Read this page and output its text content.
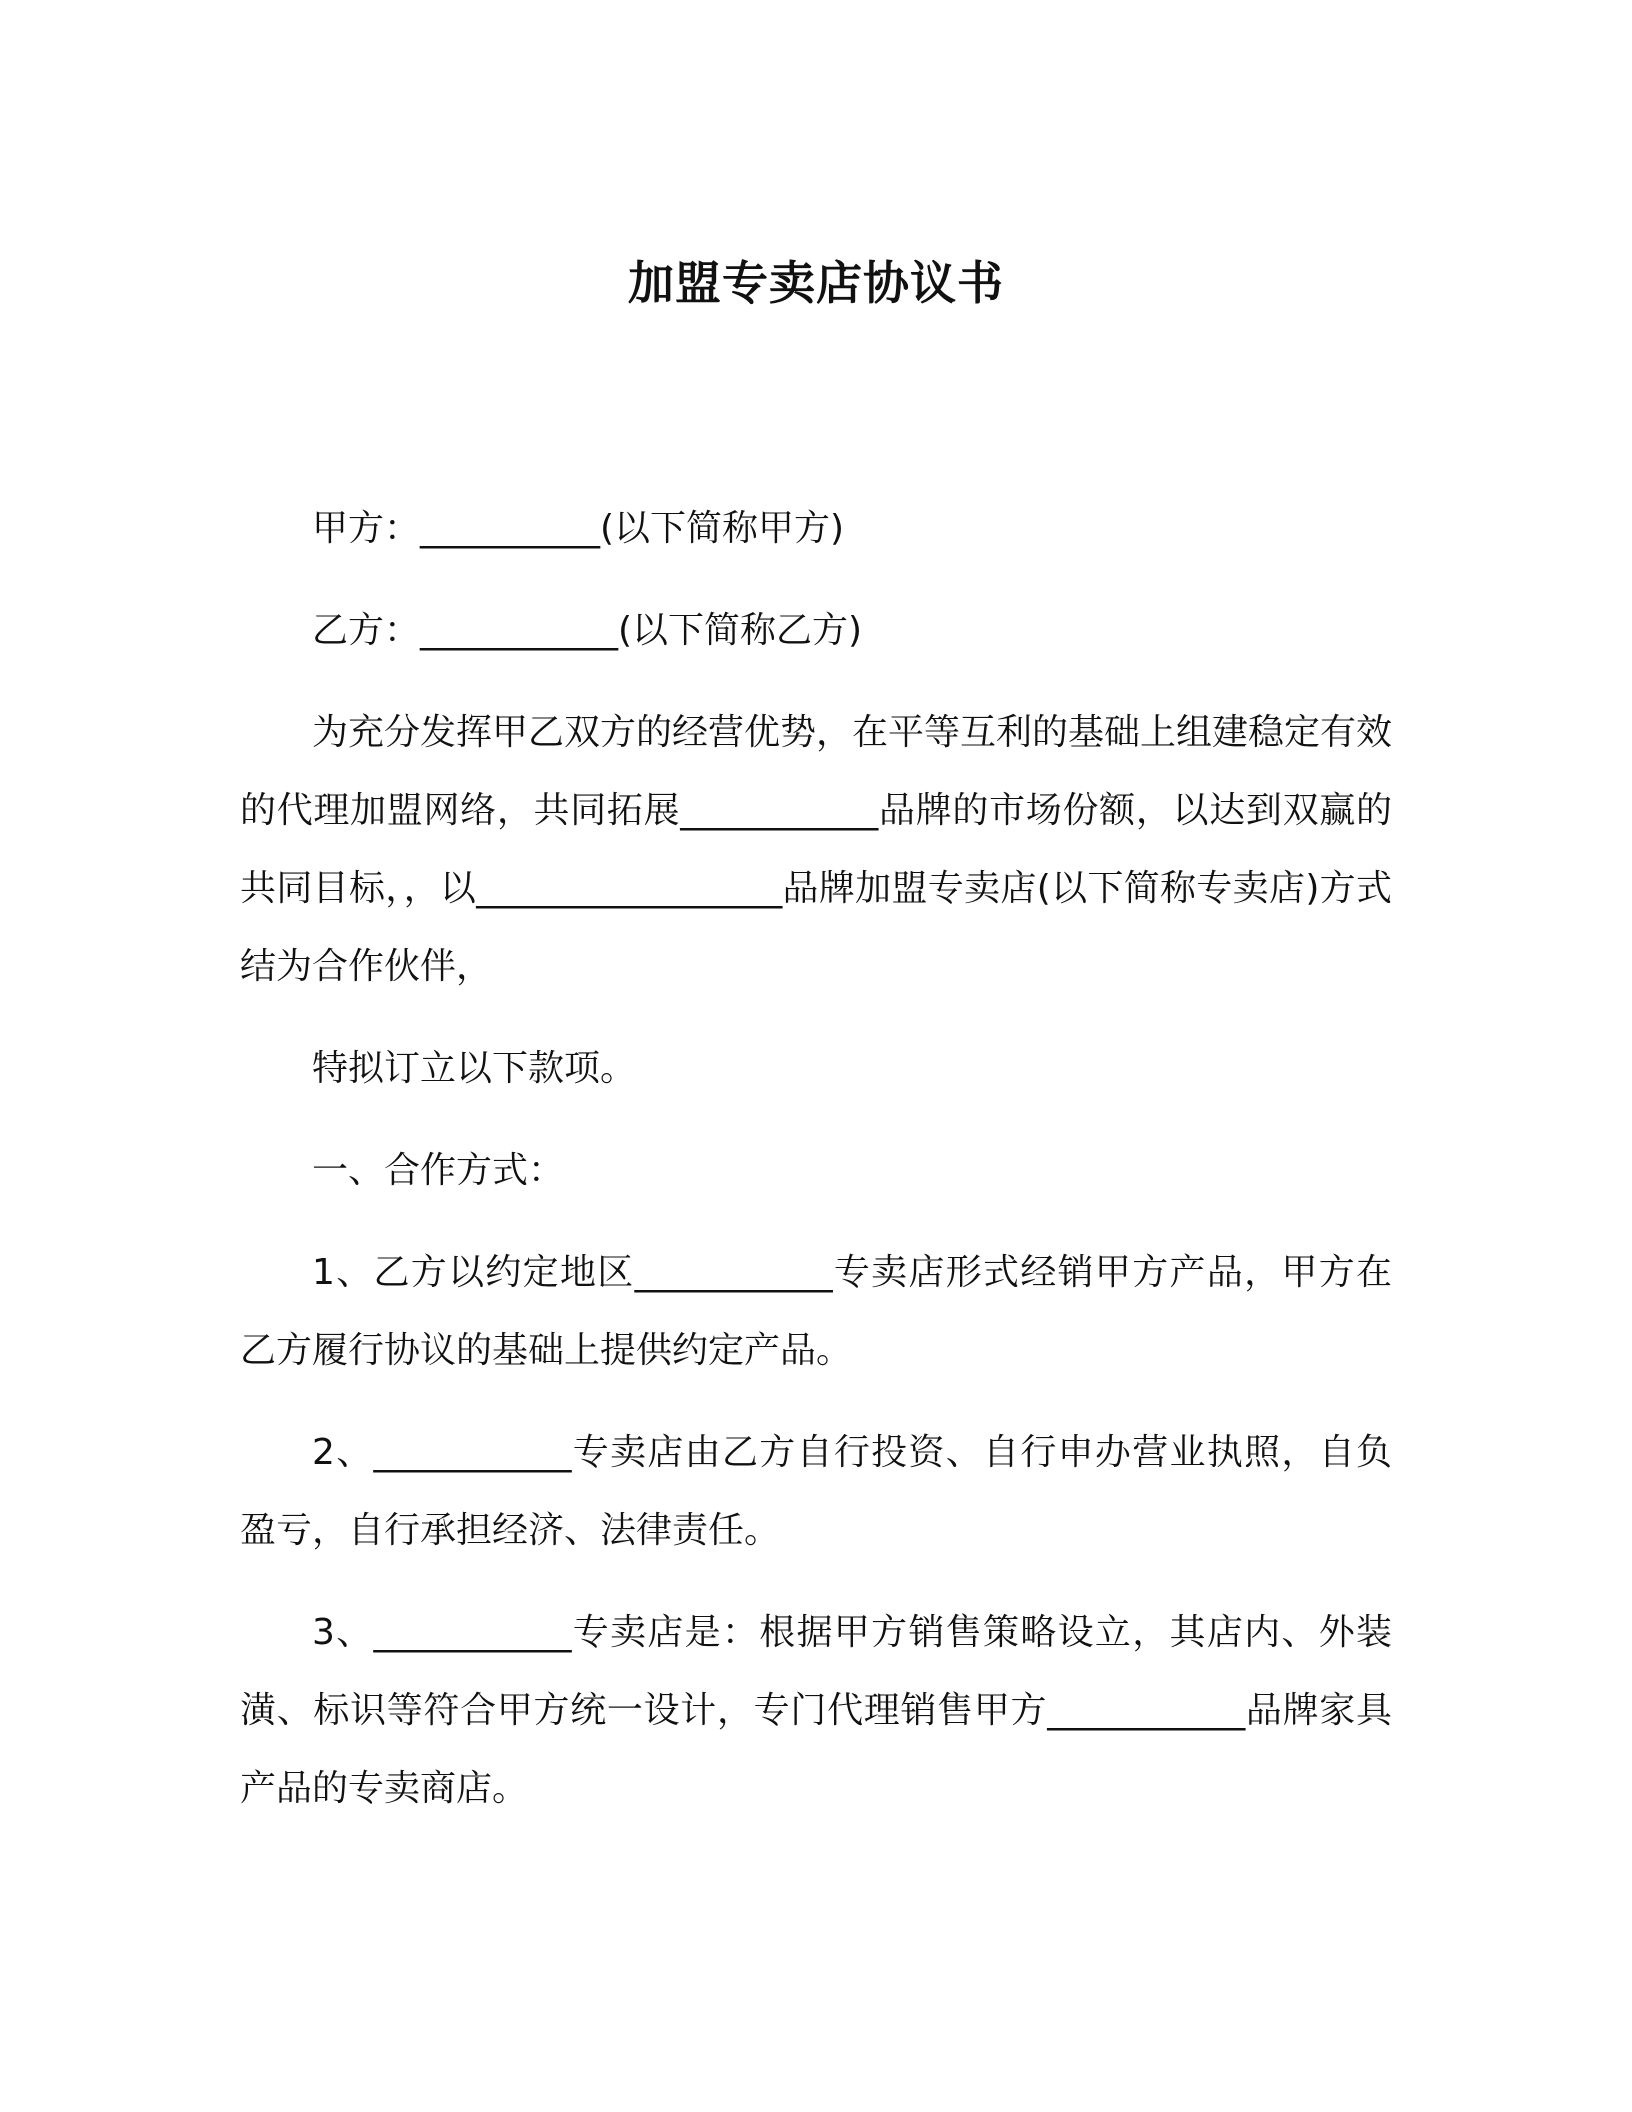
加盟专卖店协议书

甲方：__________(以下简称甲方)

乙方：___________(以下简称乙方)

为充分发挥甲乙双方的经营优势，在平等互利的基础上组建稳定有效的代理加盟网络，共同拓展___________品牌的市场份额，以达到双赢的共同目标，，以_________________品牌加盟专卖店(以下简称专卖店)方式结为合作伙伴，

特拟订立以下款项。

一、合作方式：

1、乙方以约定地区___________专卖店形式经销甲方产品，甲方在乙方履行协议的基础上提供约定产品。

2、___________专卖店由乙方自行投资、自行申办营业执照，自负盈亏，自行承担经济、法律责任。

3、___________专卖店是：根据甲方销售策略设立，其店内、外装潢、标识等符合甲方统一设计，专门代理销售甲方___________品牌家具产品的专卖商店。
